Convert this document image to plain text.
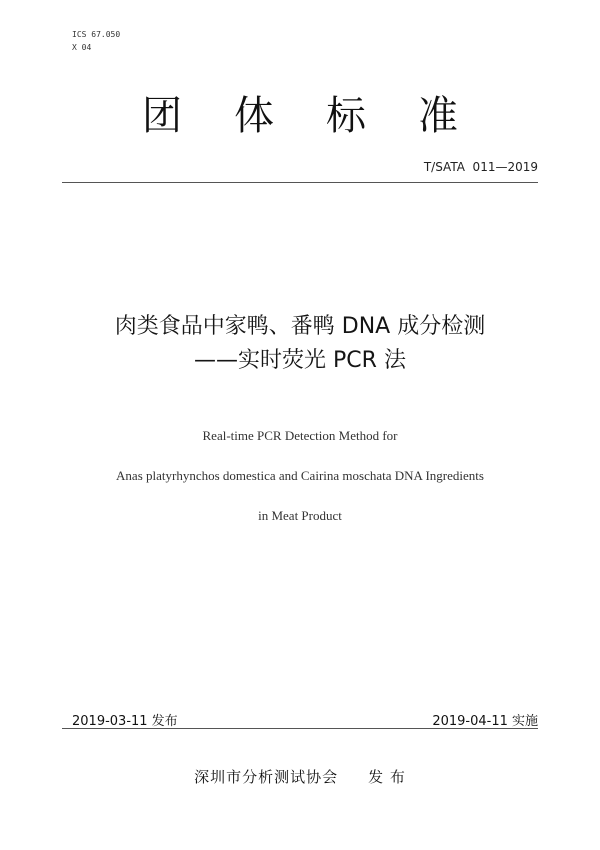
ICS 67.050
X 04
团 体 标 准
T/SATA  011—2019
肉类食品中家鸭、番鸭 DNA 成分检测
——实时荧光 PCR 法
Real-time PCR Detection Method for
Anas platyrhynchos domestica and Cairina moschata DNA Ingredients
in Meat Product
2019-03-11 发布	2019-04-11 实施
深圳市分析测试协会 发 布
